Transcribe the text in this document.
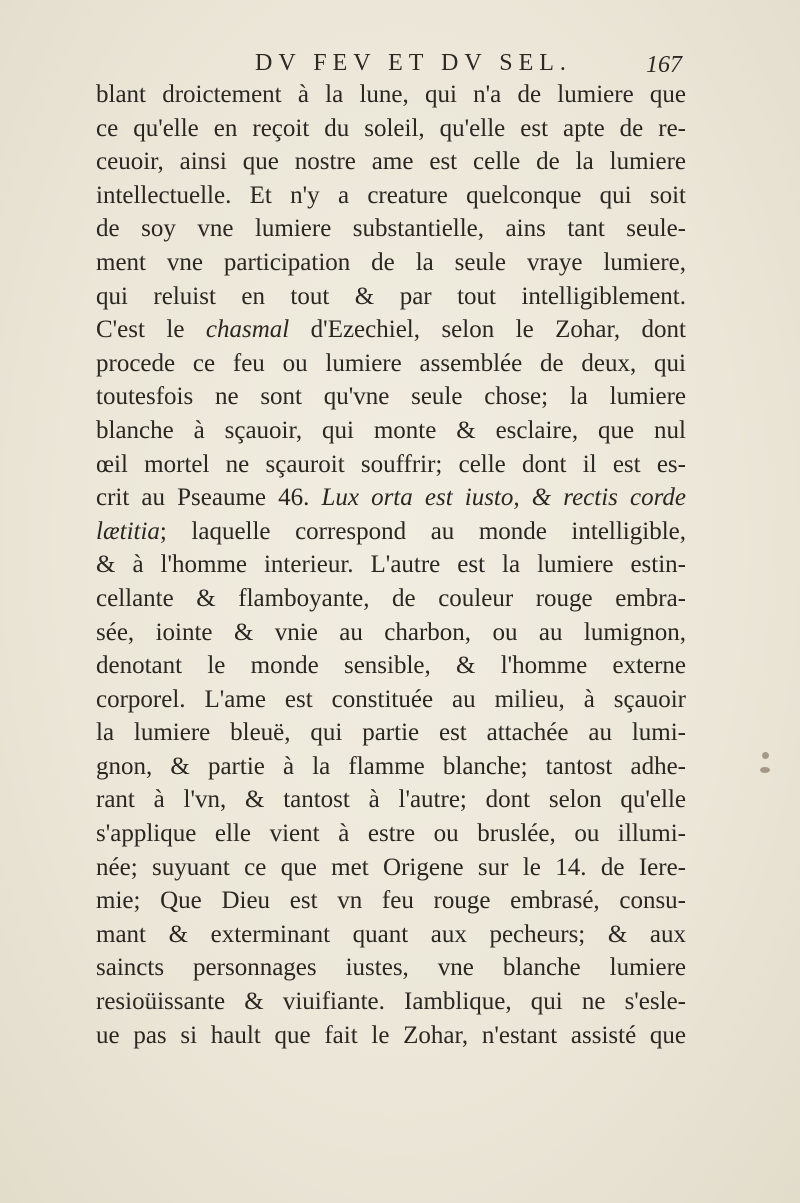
DV FEV ET DV SEL.	167
blant droictement à la lune, qui n'a de lumiere que
ce qu'elle en reçoit du soleil, qu'elle est apte de re-
ceuoir, ainsi que nostre ame est celle de la lumiere
intellectuelle. Et n'y a creature quelconque qui soit
de soy vne lumiere substantielle, ains tant seule-
ment vne participation de la seule vraye lumiere,
qui reluist en tout & par tout intelligiblement.
C'est le chasmal d'Ezechiel, selon le Zohar, dont
procede ce feu ou lumiere assemblée de deux, qui
toutesfois ne sont qu'vne seule chose; la lumiere
blanche à sçauoir, qui monte & esclaire, que nul
œil mortel ne sçauroit souffrir; celle dont il est es-
crit au Pseaume 46. Lux orta est iusto, & rectis corde
lætitia; laquelle correspond au monde intelligible,
& à l'homme interieur. L'autre est la lumiere estin-
cellante & flamboyante, de couleur rouge embra-
sée, iointe & vnie au charbon, ou au lumignon,
denotant le monde sensible, & l'homme externe
corporel. L'ame est constituée au milieu, à sçauoir
la lumiere bleuë, qui partie est attachée au lumi-
gnon, & partie à la flamme blanche; tantost adhe-
rant à l'vn, & tantost à l'autre; dont selon qu'elle
s'applique elle vient à estre ou bruslée, ou illumi-
née; suyuant ce que met Origene sur le 14. de Iere-
mie; Que Dieu est vn feu rouge embrasé, consu-
mant & exterminant quant aux pecheurs; & aux
saincts personnages iustes, vne blanche lumiere
resioüissante & viuifiante. Iamblique, qui ne s'esle-
ue pas si hault que fait le Zohar, n'estant assisté que
